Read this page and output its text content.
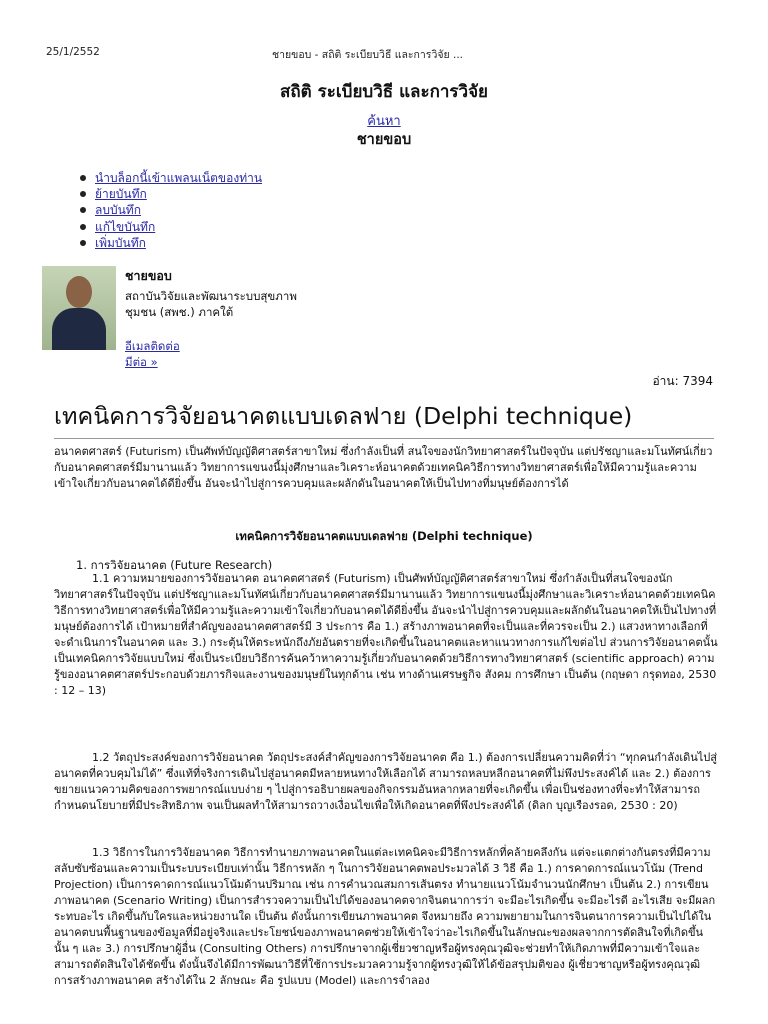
25/1/2552	ชายขอบ - สถิติ ระเบียบวิธี และการวิจัย ...
สถิติ ระเบียบวิธี และการวิจัย
ค้นหา
ชายขอบ
นำบล็อกนี้เข้าแพลนเน็ตของท่าน
ย้ายบันทึก
ลบบันทึก
แก้ไขบันทึก
เพิ่มบันทึก
ชายขอบ
สถาบันวิจัยและพัฒนาระบบสุขภาพชุมชน (สพช.) ภาคใต้
อีเมลติดต่อ
มีต่อ »
อ่าน: 7394
เทคนิคการวิจัยอนาคตแบบเดลฟาย (Delphi technique)

อนาคตศาสตร์ (Futurism) เป็นศัพท์บัญญัติศาสตร์สาขาใหม่ ซึ่งกำลังเป็นที่ สนใจของนักวิทยาศาสตร์ในปัจจุบัน แต่ปรัชญาและมโนทัศน์เกี่ยวกับอนาคตศาสตร์มีมานานแล้ว วิทยาการแขนงนี้มุ่งศึกษาและวิเคราะห์อนาคตด้วยเทคนิควิธีการทางวิทยาศาสตร์เพื่อให้มีความรู้และความเข้าใจเกี่ยวกับอนาคตได้ดียิ่งขึ้น อันจะนำไปสู่การควบคุมและผลักดันในอนาคตให้เป็นไปทางที่มนุษย์ต้องการได้

เทคนิคการวิจัยอนาคตแบบเดลฟาย (Delphi technique)
1. การวิจัยอนาคต (Future Research)

1.1 ความหมายของการวิจัยอนาคต อนาคตศาสตร์ (Futurism) เป็นศัพท์บัญญัติศาสตร์สาขาใหม่ ซึ่งกำลังเป็นที่สนใจของนักวิทยาศาสตร์ในปัจจุบัน แต่ปรัชญาและมโนทัศน์เกี่ยวกับอนาคตศาสตร์มีมานานแล้ว วิทยาการแขนงนี้มุ่งศึกษาและวิเคราะห์อนาคตด้วยเทคนิควิธีการทางวิทยาศาสตร์เพื่อให้มีความรู้และความเข้าใจเกี่ยวกับอนาคตได้ดียิ่งขึ้น อันจะนำไปสู่การควบคุมและผลักดันในอนาคตให้เป็นไปทางที่มนุษย์ต้องการได้ เป้าหมายที่สำคัญของอนาคตศาสตร์มี 3 ประการ คือ 1.) สร้างภาพอนาคตที่จะเป็นและที่ควรจะเป็น 2.) แสวงหาทางเลือกที่จะดำเนินการในอนาคต และ 3.) กระตุ้นให้ตระหนักถึงภัยอันตรายที่จะเกิดขึ้นในอนาคตและหาแนวทางการแก้ไขต่อไป ส่วนการวิจัยอนาคตนั้น เป็นเทคนิคการวิจัยแบบใหม่ ซึ่งเป็นระเบียบวิธีการค้นคว้าหาความรู้เกี่ยวกับอนาคตด้วยวิธีการทางวิทยาศาสตร์ (scientific approach) ความรู้ของอนาคตศาสตร์ประกอบด้วยภารกิจและงานของมนุษย์ในทุกด้าน เช่น ทางด้านเศรษฐกิจ สังคม การศึกษา เป็นต้น (กฤษดา กรุดทอง, 2530 : 12 – 13)

1.2 วัตถุประสงค์ของการวิจัยอนาคต วัตถุประสงค์สำคัญของการวิจัยอนาคต คือ 1.) ต้องการเปลี่ยนความคิดที่ว่า “ทุกคนกำลังเดินไปสู่อนาคตที่ควบคุมไม่ได้” ซึ่งแท้ที่จริงการเดินไปสู่อนาคตมีหลายหนทางให้เลือกได้ สามารถหลบหลีกอนาคตที่ไม่พึงประสงค์ได้ และ 2.) ต้องการขยายแนวความคิดของการพยากรณ์แบบง่าย ๆ ไปสู่การอธิบายผลของกิจกรรมอันหลากหลายที่จะเกิดขึ้น เพื่อเป็นช่องทางที่จะทำให้สามารถกำหนดนโยบายที่มีประสิทธิภาพ จนเป็นผลทำให้สามารถวางเงื่อนไขเพื่อให้เกิดอนาคตที่พึงประสงค์ได้ (ดิลก บุญเรืองรอด, 2530 : 20)

1.3 วิธีการในการวิจัยอนาคต วิธีการทำนายภาพอนาคตในแต่ละเทคนิคจะมีวิธีการหลักที่คล้ายคลึงกัน แต่จะแตกต่างกันตรงที่มีความสลับซับซ้อนและความเป็นระบบระเบียบเท่านั้น วิธีการหลัก ๆ ในการวิจัยอนาคตพอประมวลได้ 3 วิธี คือ 1.) การคาดการณ์แนวโน้ม (Trend Projection) เป็นการคาดการณ์แนวโน้มด้านปริมาณ เช่น การคำนวณสมการเส้นตรง ทำนายแนวโน้มจำนวนนักศึกษา เป็นต้น 2.) การเขียนภาพอนาคต (Scenario Writing) เป็นการสำรวจความเป็นไปได้ของอนาคตจากจินตนาการว่า จะมีอะไรเกิดขึ้น จะมีอะไรดี อะไรเสีย จะมีผลกระทบอะไร เกิดขึ้นกับใครและหน่วยงานใด เป็นต้น ดังนั้นการเขียนภาพอนาคต จึงหมายถึง ความพยายามในการจินตนาการความเป็นไปได้ในอนาคตบนพื้นฐานของข้อมูลที่มีอยู่จริงและประโยชน์ของภาพอนาคตช่วยให้เข้าใจว่าอะไรเกิดขึ้นในลักษณะของผลจากการตัดสินใจที่เกิดขึ้นนั้น ๆ และ 3.) การปรึกษาผู้อื่น (Consulting Others) การปรึกษาจากผู้เชี่ยวชาญหรือผู้ทรงคุณวุฒิจะช่วยทำให้เกิดภาพที่มีความเข้าใจและสามารถตัดสินใจได้ชัดขึ้น ดังนั้นจึงได้มีการพัฒนาวิธีที่ใช้การประมวลความรู้จากผู้ทรงวุฒิให้ได้ข้อสรุปมติของ ผู้เชี่ยวชาญหรือผู้ทรงคุณวุฒิ การสร้างภาพอนาคต สร้างได้ใน 2 ลักษณะ คือ รูปแบบ (Model) และการจำลอง
